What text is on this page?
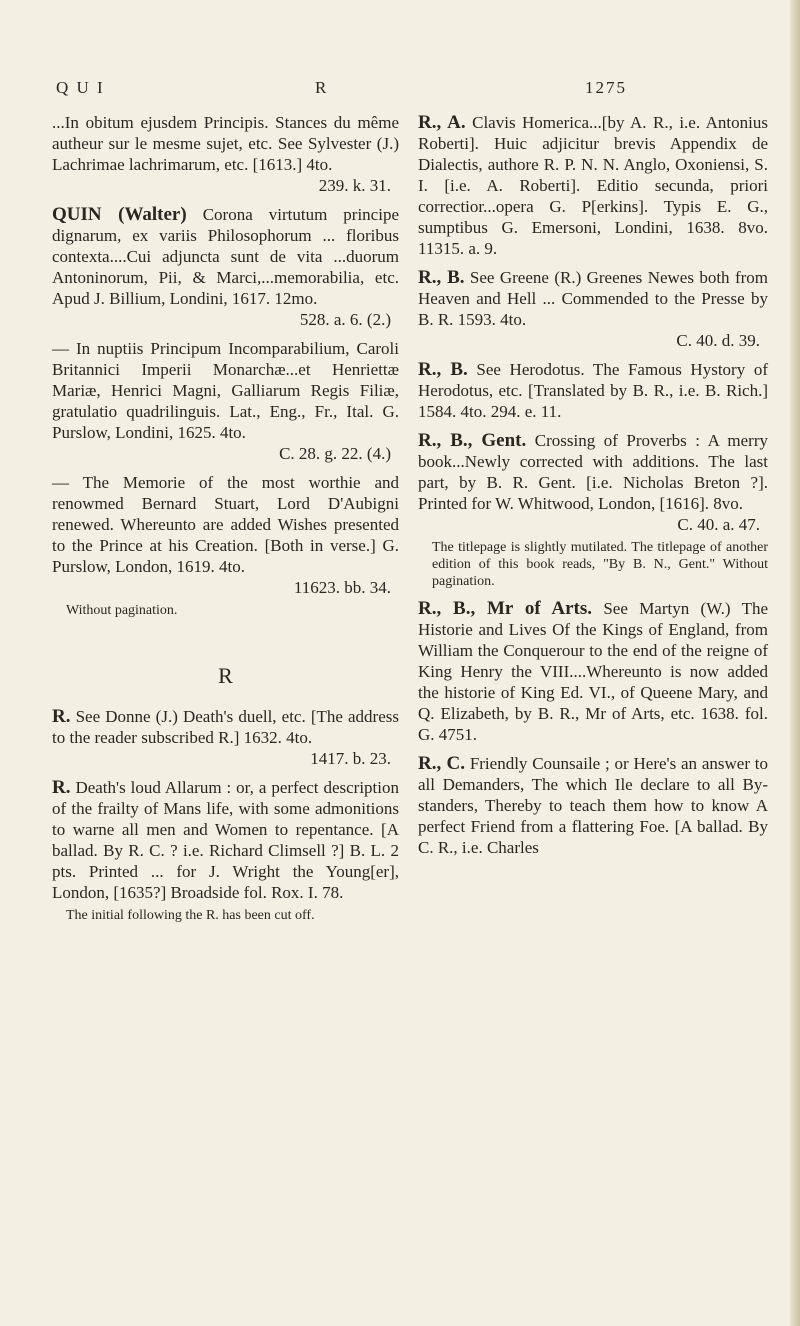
Q U I	R	1275
...In obitum ejusdem Principis. Stances du même autheur sur le mesme sujet, etc. See Sylvester (J.) Lachrimae lachrimarum, etc. [1613.] 4to.
239. k. 31.
QUIN (Walter) Corona virtutum principe dignarum, ex variis Philosophorum ... floribus contexta....Cui adjuncta sunt de vita ...duorum Antoninorum, Pii, & Marci,...memorabilia, etc. Apud J. Billium, Londini, 1617. 12mo.
528. a. 6. (2.)
— In nuptiis Principum Incomparabilium, Caroli Britannici Imperii Monarchæ...et Henriettæ Mariæ, Henrici Magni, Galliarum Regis Filiæ, gratulatio quadrilinguis. Lat., Eng., Fr., Ital. G. Purslow, Londini, 1625. 4to.
C. 28. g. 22. (4.)
— The Memorie of the most worthie and renowmed Bernard Stuart, Lord D'Aubigni renewed. Whereunto are added Wishes presented to the Prince at his Creation. [Both in verse.] G. Purslow, London, 1619. 4to.
11623. bb. 34.
Without pagination.
R
R. See Donne (J.) Death's duell, etc. [The address to the reader subscribed R.] 1632. 4to.
1417. b. 23.
R. Death's loud Allarum : or, a perfect description of the frailty of Mans life, with some admonitions to warne all men and Women to repentance. [A ballad. By R. C. ? i.e. Richard Climsell ?] B. L. 2 pts. Printed ... for J. Wright the Young[er], London, [1635?] Broadside fol. Rox. I. 78.
The initial following the R. has been cut off.
R., A. Clavis Homerica...[by A. R., i.e. Antonius Roberti]. Huic adjicitur brevis Appendix de Dialectis, authore R. P. N. N. Anglo, Oxoniensi, S. I. [i.e. A. Roberti]. Editio secunda, priori correctior...opera G. P[erkins]. Typis E. G., sumptibus G. Emersoni, Londini, 1638. 8vo. 11315. a. 9.
R., B. See Greene (R.) Greenes Newes both from Heaven and Hell ... Commended to the Presse by B. R. 1593. 4to.
C. 40. d. 39.
R., B. See Herodotus. The Famous Hystory of Herodotus, etc. [Translated by B. R., i.e. B. Rich.] 1584. 4to. 294. e. 11.
R., B., Gent. Crossing of Proverbs : A merry book...Newly corrected with additions. The last part, by B. R. Gent. [i.e. Nicholas Breton ?]. Printed for W. Whitwood, London, [1616]. 8vo.
C. 40. a. 47.
The titlepage is slightly mutilated. The titlepage of another edition of this book reads, "By B. N., Gent." Without pagination.
R., B., Mr of Arts. See Martyn (W.) The Historie and Lives Of the Kings of England, from William the Conquerour to the end of the reigne of King Henry the VIII....Whereunto is now added the historie of King Ed. VI., of Queene Mary, and Q. Elizabeth, by B. R., Mr of Arts, etc. 1638. fol. G. 4751.
R., C. Friendly Counsaile ; or Here's an answer to all Demanders, The which Ile declare to all By-standers, Thereby to teach them how to know A perfect Friend from a flattering Foe. [A ballad. By C. R., i.e. Charles
